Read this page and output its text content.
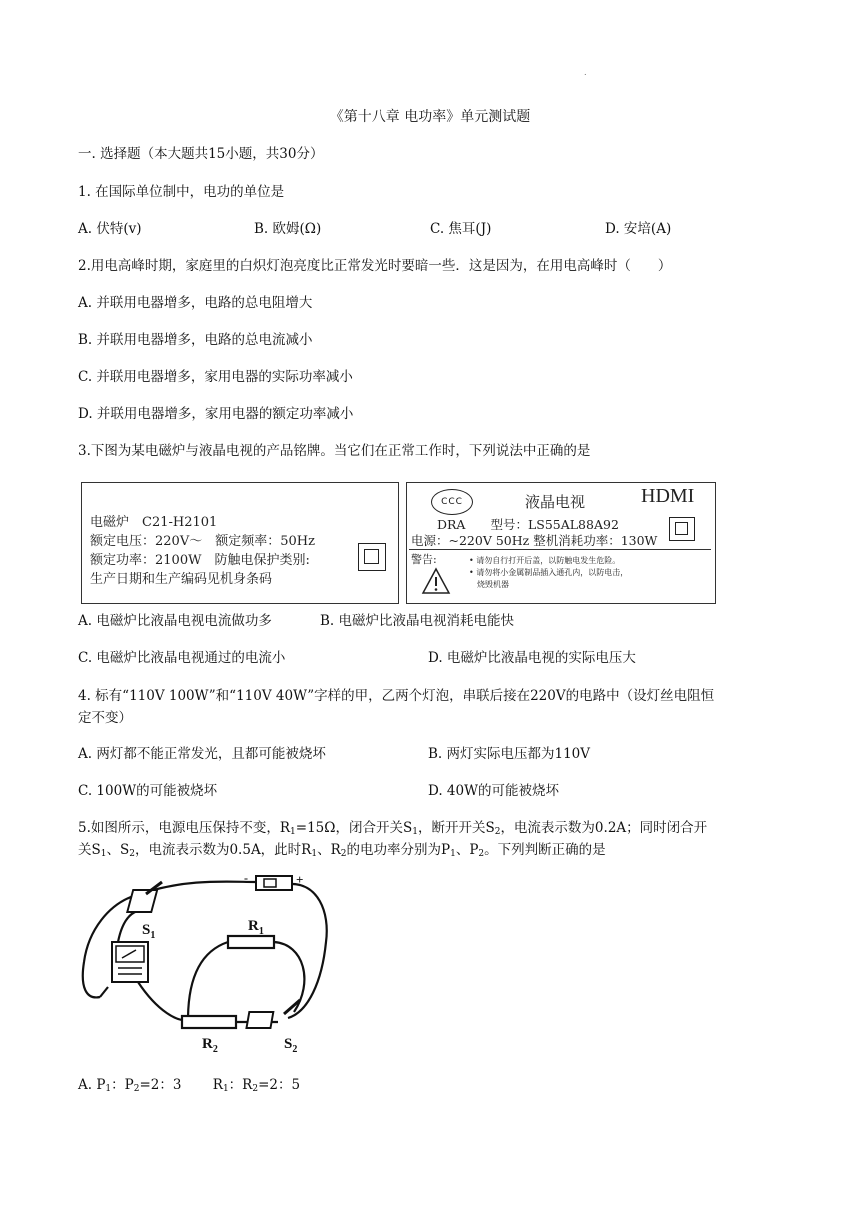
.
《第十八章 电功率》单元测试题
一. 选择题（本大题共15小题，共30分）
1. 在国际单位制中，电功的单位是
A. 伏特(v)	B. 欧姆(Ω)	C. 焦耳(J)	D. 安培(A)
2.用电高峰时期，家庭里的白炽灯泡亮度比正常发光时要暗一些．这是因为，在用电高峰时（　　）
A. 并联用电器增多，电路的总电阻增大
B. 并联用电器增多，电路的总电流减小
C. 并联用电器增多，家用电器的实际功率减小
D. 并联用电器增多，家用电器的额定功率减小
3.下图为某电磁炉与液晶电视的产品铭牌。当它们在正常工作时，下列说法中正确的是
电磁炉　C21-H2101
额定电压：220V～　额定频率：50Hz
额定功率：2100W　防触电保护类别:
生产日期和生产编码见机身条码
CCC	液晶电视	HDMI
DRA　　型号：LS55AL88A92
电源：~220V 50Hz 整机消耗功率：130W
警告:	• 请勿自行打开后盖，以防触电发生危险。
• 请勿将小金属制品插入通孔内，以防电击，
烧毁机器
A. 电磁炉比液晶电视电流做功多	B. 电磁炉比液晶电视消耗电能快
C. 电磁炉比液晶电视通过的电流小	D. 电磁炉比液晶电视的实际电压大
4. 标有“110V 100W”和“110V 40W”字样的甲，乙两个灯泡，串联后接在220V的电路中（设灯丝电阻恒
定不变）
A. 两灯都不能正常发光，且都可能被烧坏	B. 两灯实际电压都为110V
C. 100W的可能被烧坏	D. 40W的可能被烧坏
5.如图所示，电源电压保持不变，$R_1=15\Omega$，闭合开关$S_1$，断开开关$S_2$，电流表示数为0.2A；同时闭合开
关$S_1$、$S_2$，电流表示数为0.5A，此时$R_1$、$R_2$的电功率分别为$P_1$、$P_2$。下列判断正确的是
$S_1$
$R_1$
$R_2$	$S_2$
-	+
A. $P_1$：$P_2=2$：3　　 $R_1$：$R_2=2$：5
